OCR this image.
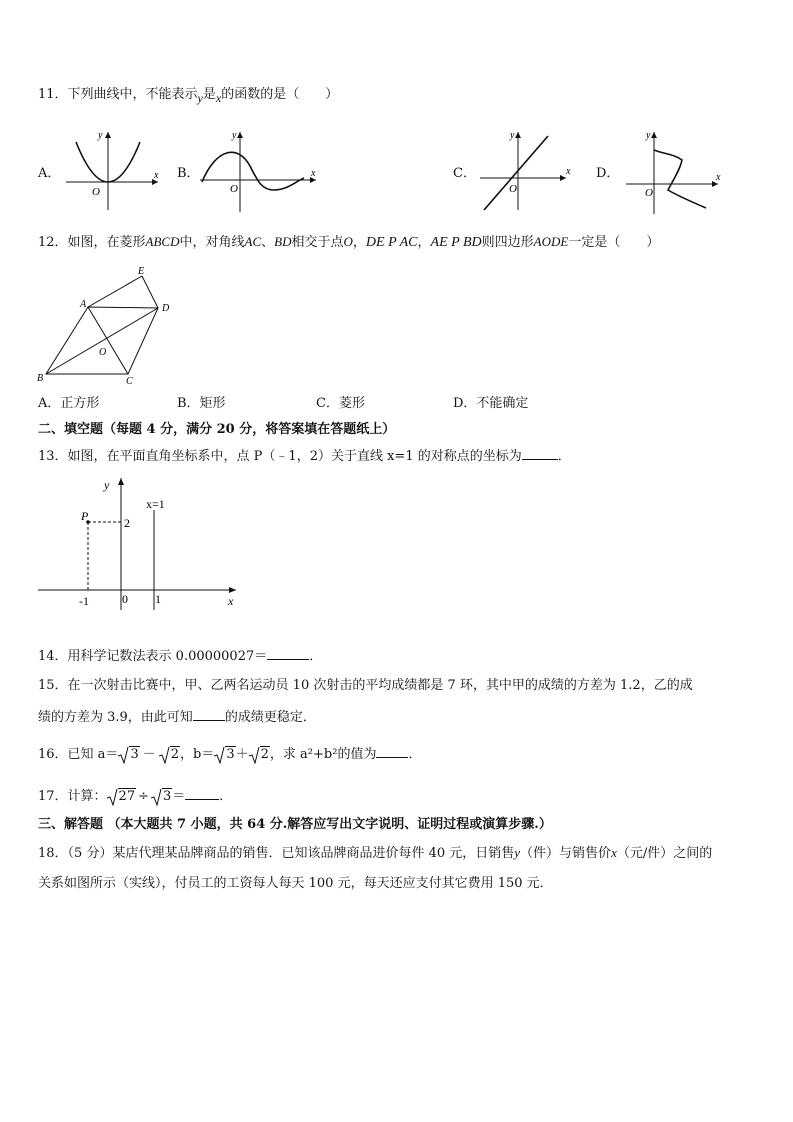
11．下列曲线中，不能表示y是x的函数的是（　　）
A．	B．	C．	D．
x
y
O
x
y
O
x
y
O
x
y
O
12．如图，在菱形ABCD中，对角线AC、BD相交于点O，DE P AC，AE P BD则四边形AODE一定是（　　）
E
A	D
O
B	C
A．正方形	B．矩形	C．菱形	D．不能确定
二、填空题（每题 4 分，满分 20 分，将答案填在答题纸上）
13．如图，在平面直角坐标系中，点 P（﹣1，2）关于直线 x=1 的对称点的坐标为	．
y
x
P
x=1
2
-1	0 1
14．用科学记数法表示 0.00000027＝	．
15．在一次射击比赛中，甲、乙两名运动员 10 次射击的平均成绩都是 7 环，其中甲的成绩的方差为 1.2，乙的成
绩的方差为 3.9，由此可知 的成绩更稳定．
16．已知 a＝ 3 － 2，b＝ 3＋ 2，求 a²+b²的值为 ．
17．计算： 27 ÷ 3＝	．
三、解答题 （本大题共 7 小题，共 64 分.解答应写出文字说明、证明过程或演算步骤.）
18．（5 分）某店代理某品牌商品的销售．已知该品牌商品进价每件 40 元，日销售y（件）与销售价x（元/件）之间的
关系如图所示（实线），付员工的工资每人每天 100 元，每天还应支付其它费用 150 元．
